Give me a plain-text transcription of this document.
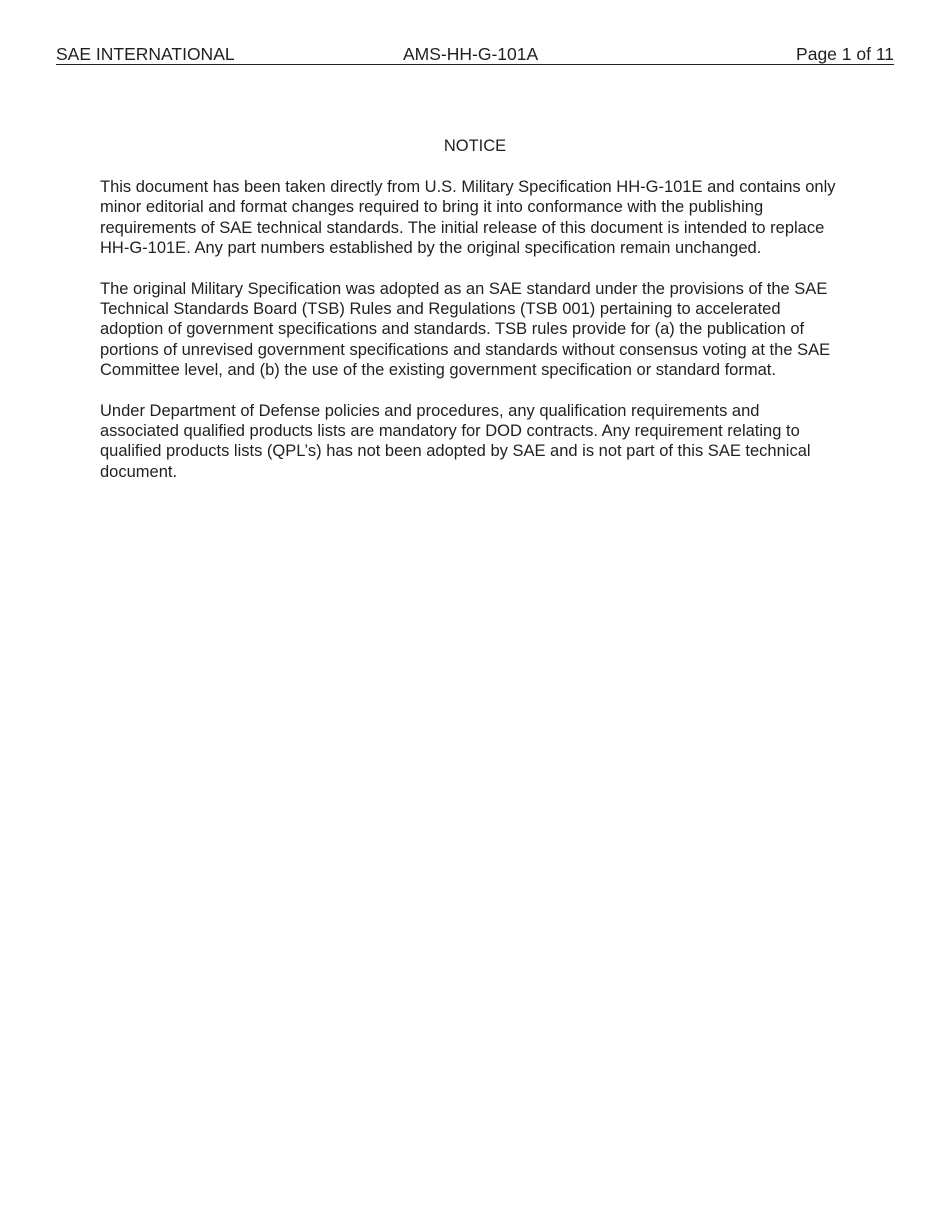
SAE INTERNATIONAL	AMS-HH-G-101A	Page 1 of 11
NOTICE

This document has been taken directly from U.S. Military Specification HH-G-101E and contains only
minor editorial and format changes required to bring it into conformance with the publishing
requirements of SAE technical standards. The initial release of this document is intended to replace
HH-G-101E. Any part numbers established by the original specification remain unchanged.

The original Military Specification was adopted as an SAE standard under the provisions of the SAE
Technical Standards Board (TSB) Rules and Regulations (TSB 001) pertaining to accelerated
adoption of government specifications and standards. TSB rules provide for (a) the publication of
portions of unrevised government specifications and standards without consensus voting at the SAE
Committee level, and (b) the use of the existing government specification or standard format.

Under Department of Defense policies and procedures, any qualification requirements and
associated qualified products lists are mandatory for DOD contracts. Any requirement relating to
qualified products lists (QPL’s) has not been adopted by SAE and is not part of this SAE technical
document.
